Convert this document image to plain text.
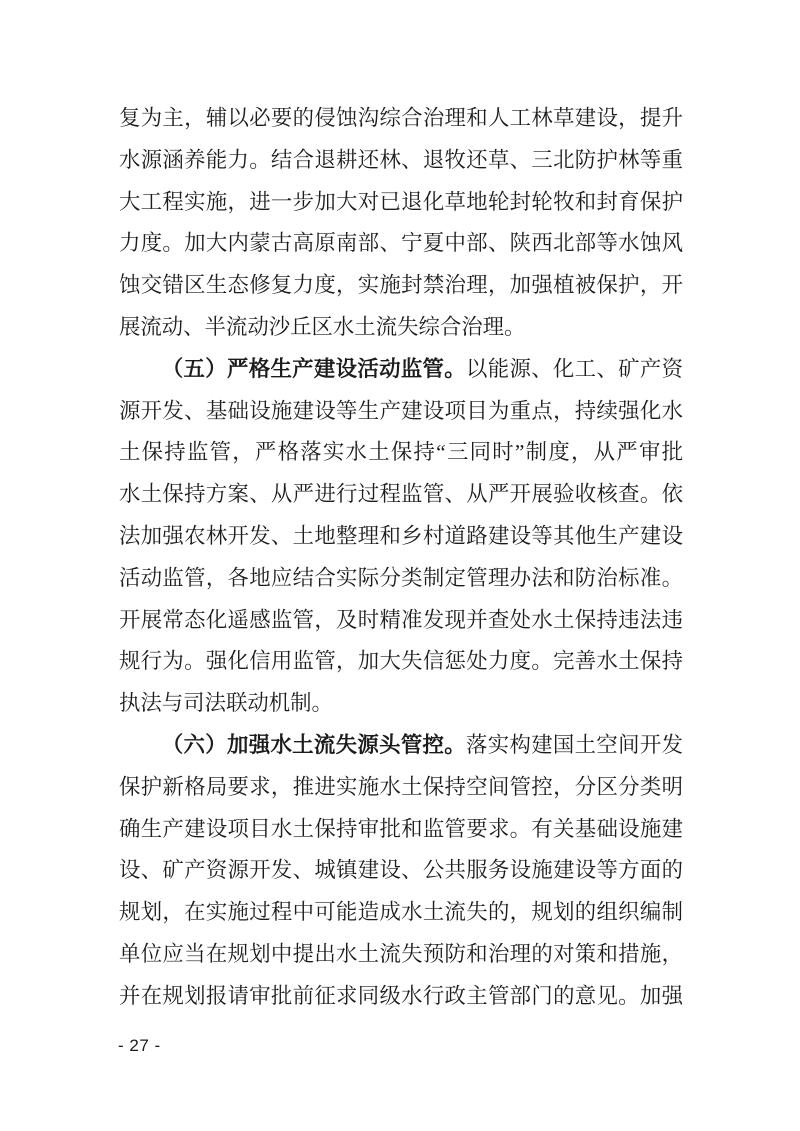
复为主，辅以必要的侵蚀沟综合治理和人工林草建设，提升
水源涵养能力。结合退耕还林、退牧还草、三北防护林等重
大工程实施，进一步加大对已退化草地轮封轮牧和封育保护
力度。加大内蒙古高原南部、宁夏中部、陕西北部等水蚀风
蚀交错区生态修复力度，实施封禁治理，加强植被保护，开
展流动、半流动沙丘区水土流失综合治理。
（五）严格生产建设活动监管。以能源、化工、矿产资
源开发、基础设施建设等生产建设项目为重点，持续强化水
土保持监管，严格落实水土保持“三同时”制度，从严审批
水土保持方案、从严进行过程监管、从严开展验收核查。依
法加强农林开发、土地整理和乡村道路建设等其他生产建设
活动监管，各地应结合实际分类制定管理办法和防治标准。
开展常态化遥感监管，及时精准发现并查处水土保持违法违
规行为。强化信用监管，加大失信惩处力度。完善水土保持
执法与司法联动机制。
（六）加强水土流失源头管控。落实构建国土空间开发
保护新格局要求，推进实施水土保持空间管控，分区分类明
确生产建设项目水土保持审批和监管要求。有关基础设施建
设、矿产资源开发、城镇建设、公共服务设施建设等方面的
规划，在实施过程中可能造成水土流失的，规划的组织编制
单位应当在规划中提出水土流失预防和治理的对策和措施，
并在规划报请审批前征求同级水行政主管部门的意见。加强
- 27 -
